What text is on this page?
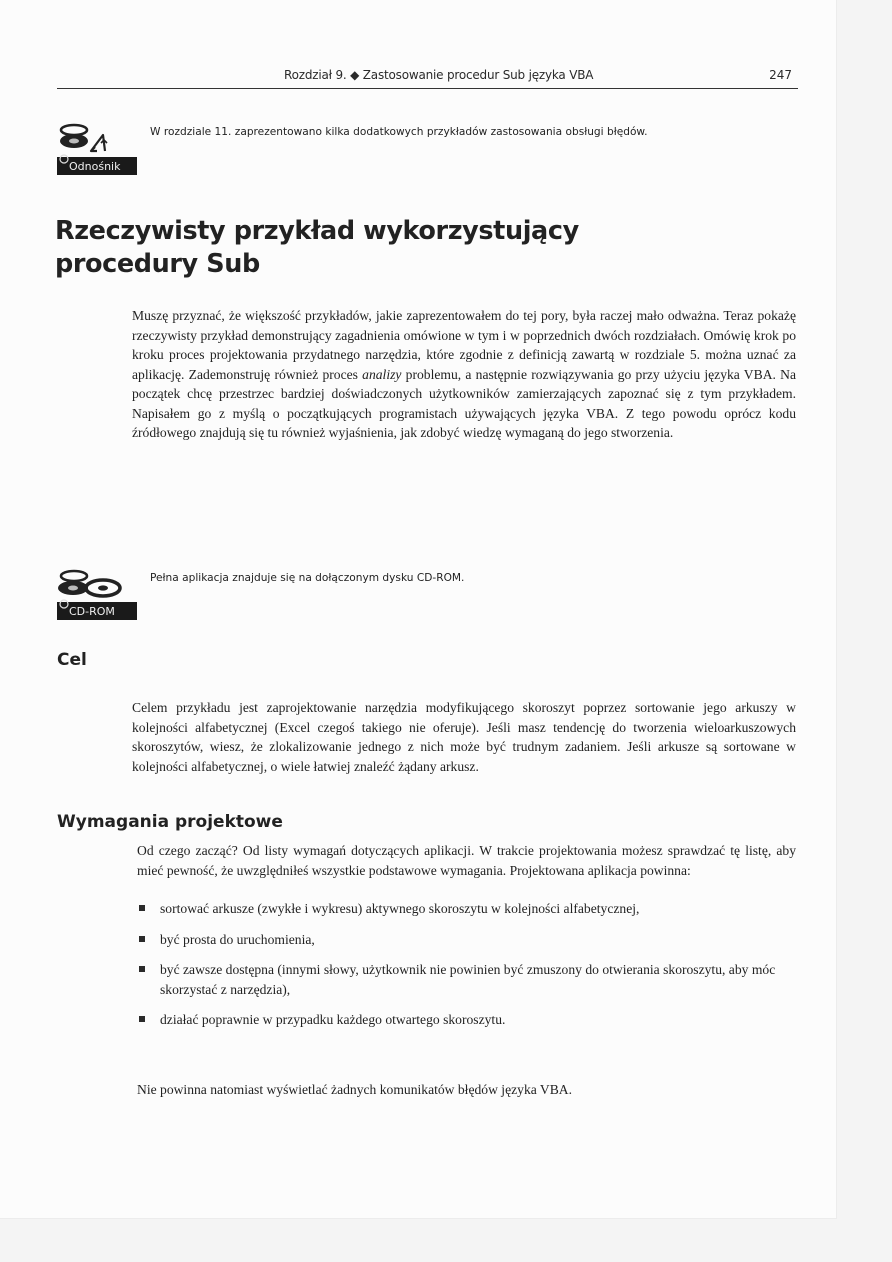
Rozdział 9. ◆ Zastosowanie procedur Sub języka VBA	247
Odnośnik
W rozdziale 11. zaprezentowano kilka dodatkowych przykładów zastosowania obsługi błędów.
Rzeczywisty przykład wykorzystujący procedury Sub

Muszę przyznać, że większość przykładów, jakie zaprezentowałem do tej pory, była raczej mało odważna. Teraz pokażę rzeczywisty przykład demonstrujący zagadnienia omówione w tym i w poprzednich dwóch rozdziałach. Omówię krok po kroku proces projektowania przydatnego narzędzia, które zgodnie z definicją zawartą w rozdziale 5. można uznać za aplikację. Zademonstruję również proces analizy problemu, a następnie rozwiązywania go przy użyciu języka VBA. Na początek chcę przestrzec bardziej doświadczonych użytkowników zamierzających zapoznać się z tym przykładem. Napisałem go z myślą o początkujących programistach używających języka VBA. Z tego powodu oprócz kodu źródłowego znajdują się tu również wyjaśnienia, jak zdobyć wiedzę wymaganą do jego stworzenia.

CD-ROM
Pełna aplikacja znajduje się na dołączonym dysku CD-ROM.
Cel

Celem przykładu jest zaprojektowanie narzędzia modyfikującego skoroszyt poprzez sortowanie jego arkuszy w kolejności alfabetycznej (Excel czegoś takiego nie oferuje). Jeśli masz tendencję do tworzenia wieloarkuszowych skoroszytów, wiesz, że zlokalizowanie jednego z nich może być trudnym zadaniem. Jeśli arkusze są sortowane w kolejności alfabetycznej, o wiele łatwiej znaleźć żądany arkusz.

Wymagania projektowe

Od czego zacząć? Od listy wymagań dotyczących aplikacji. W trakcie projektowania możesz sprawdzać tę listę, aby mieć pewność, że uwzględniłeś wszystkie podstawowe wymagania. Projektowana aplikacja powinna:

sortować arkusze (zwykłe i wykresu) aktywnego skoroszytu w kolejności alfabetycznej,
być prosta do uruchomienia,
być zawsze dostępna (innymi słowy, użytkownik nie powinien być zmuszony do otwierania skoroszytu, aby móc skorzystać z narzędzia),
działać poprawnie w przypadku każdego otwartego skoroszytu.

Nie powinna natomiast wyświetlać żadnych komunikatów błędów języka VBA.
